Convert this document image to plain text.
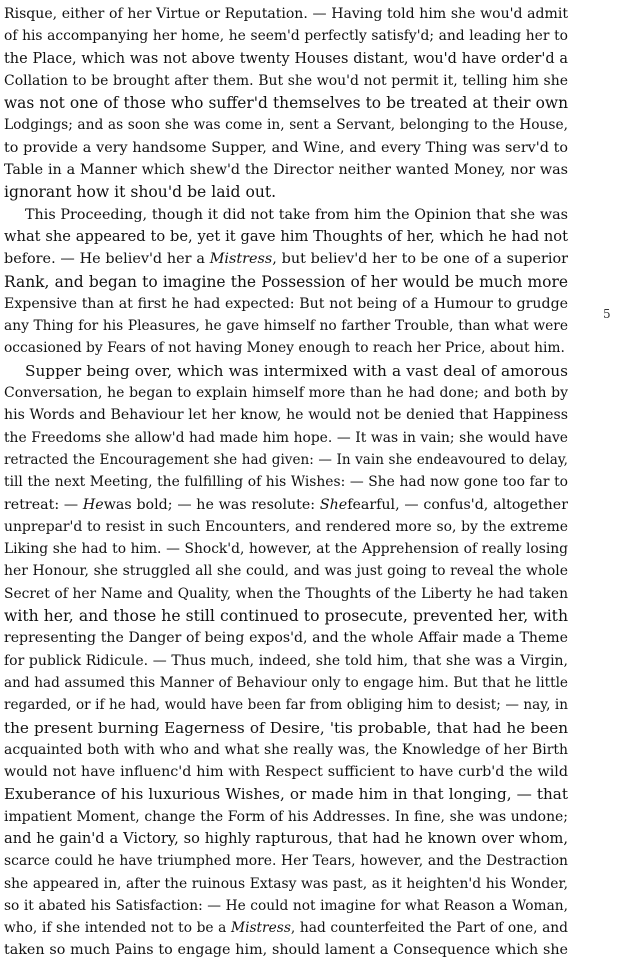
Risque, either of her Virtue or Reputation. — Having told him she wou'd admit
of his accompanying her home, he seem'd perfectly satisfy'd; and leading her to
the Place, which was not above twenty Houses distant, wou'd have order'd a
Collation to be brought after them. But she wou'd not permit it, telling him she
was not one of those who suffer'd themselves to be treated at their own
Lodgings; and as soon she was come in, sent a Servant, belonging to the House,
to provide a very handsome Supper, and Wine, and every Thing was serv'd to
Table in a Manner which shew'd the Director neither wanted Money, nor was
ignorant how it shou'd be laid out.
This Proceeding, though it did not take from him the Opinion that she was
what she appeared to be, yet it gave him Thoughts of her, which he had not
before. — He believ'd her a Mistress, but believ'd her to be one of a superior
Rank, and began to imagine the Possession of her would be much more
Expensive than at first he had expected: But not being of a Humour to grudge
any Thing for his Pleasures, he gave himself no farther Trouble, than what were
occasioned by Fears of not having Money enough to reach her Price, about him.
Supper being over, which was intermixed with a vast deal of amorous
Conversation, he began to explain himself more than he had done; and both by
his Words and Behaviour let her know, he would not be denied that Happiness
the Freedoms she allow'd had made him hope. — It was in vain; she would have
retracted the Encouragement she had given: — In vain she endeavoured to delay,
till the next Meeting, the fulfilling of his Wishes: — She had now gone too far to
retreat: — Hewas bold; — he was resolute: Shefearful, — confus'd, altogether
unprepar'd to resist in such Encounters, and rendered more so, by the extreme
Liking she had to him. — Shock'd, however, at the Apprehension of really losing
her Honour, she struggled all she could, and was just going to reveal the whole
Secret of her Name and Quality, when the Thoughts of the Liberty he had taken
with her, and those he still continued to prosecute, prevented her, with
representing the Danger of being expos'd, and the whole Affair made a Theme
for publick Ridicule. — Thus much, indeed, she told him, that she was a Virgin,
and had assumed this Manner of Behaviour only to engage him. But that he little
regarded, or if he had, would have been far from obliging him to desist; — nay, in
the present burning Eagerness of Desire, 'tis probable, that had he been
acquainted both with who and what she really was, the Knowledge of her Birth
would not have influenc'd him with Respect sufficient to have curb'd the wild
Exuberance of his luxurious Wishes, or made him in that longing, — that
impatient Moment, change the Form of his Addresses. In fine, she was undone;
and he gain'd a Victory, so highly rapturous, that had he known over whom,
scarce could he have triumphed more. Her Tears, however, and the Destraction
she appeared in, after the ruinous Extasy was past, as it heighten'd his Wonder,
so it abated his Satisfaction: — He could not imagine for what Reason a Woman,
who, if she intended not to be a Mistress, had counterfeited the Part of one, and
taken so much Pains to engage him, should lament a Consequence which she
5
